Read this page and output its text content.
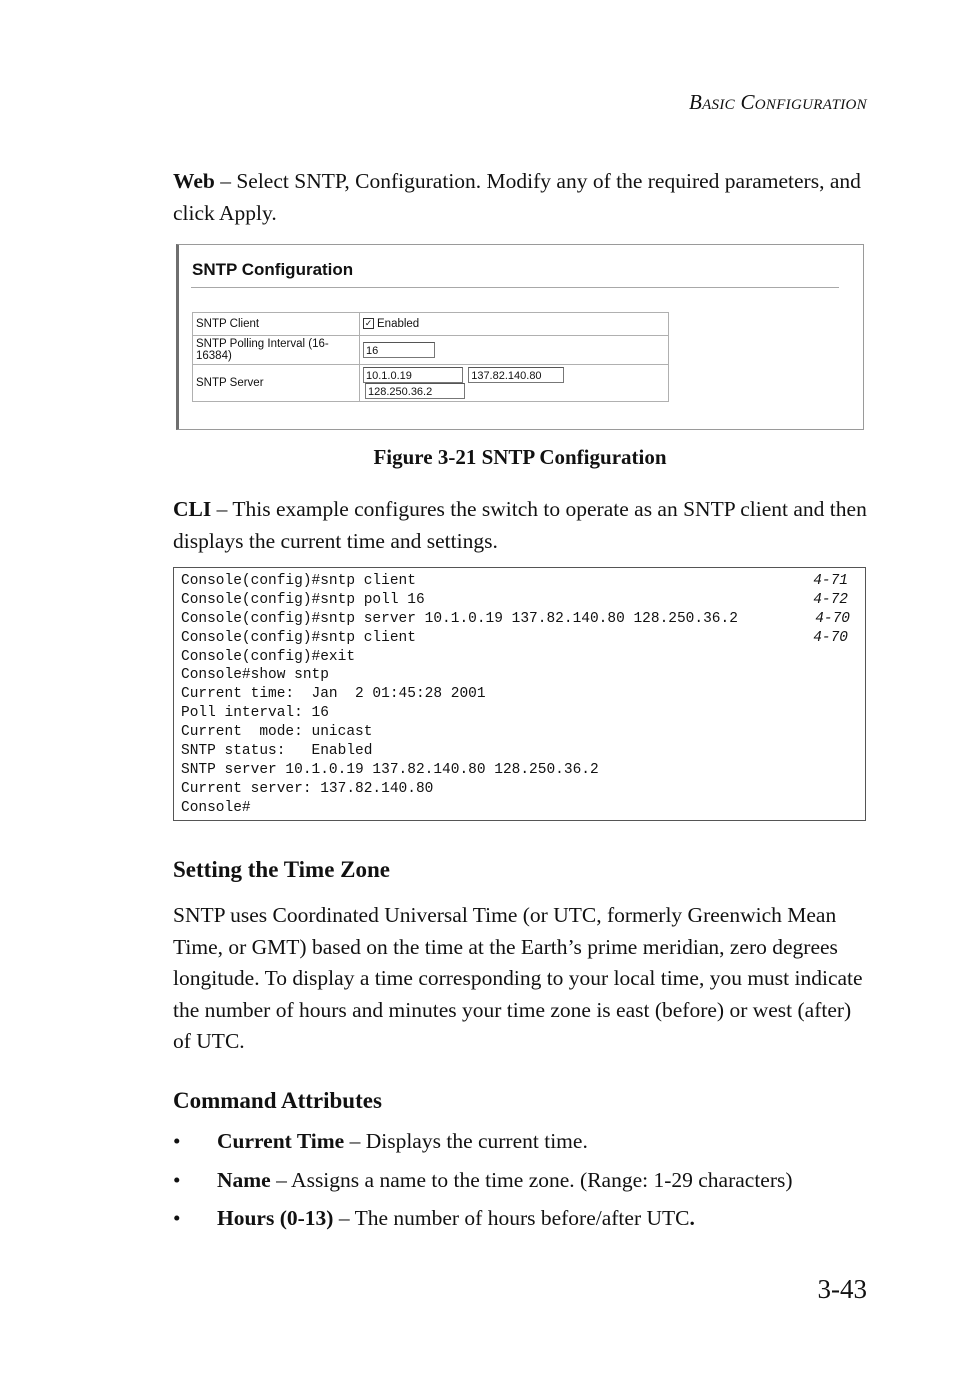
Basic Configuration
Web – Select SNTP, Configuration. Modify any of the required parameters, and click Apply.
SNTP Configuration
SNTP Client	✓ Enabled
SNTP Polling Interval (16-16384)	16
SNTP Server	10.1.0.19 137.82.140.80 128.250.36.2
Figure 3-21 SNTP Configuration
CLI – This example configures the switch to operate as an SNTP client and then displays the current time and settings.
Console(config)#sntp client	4-71
Console(config)#sntp poll 16	4-72
Console(config)#sntp server 10.1.0.19 137.82.140.80 128.250.36.2	4-70
Console(config)#sntp client	4-70
Console(config)#exit
Console#show sntp
Current time:  Jan  2 01:45:28 2001
Poll interval: 16
Current  mode: unicast
SNTP status:   Enabled
SNTP server 10.1.0.19 137.82.140.80 128.250.36.2
Current server: 137.82.140.80
Console#
Setting the Time Zone
SNTP uses Coordinated Universal Time (or UTC, formerly Greenwich Mean Time, or GMT) based on the time at the Earth’s prime meridian, zero degrees longitude. To display a time corresponding to your local time, you must indicate the number of hours and minutes your time zone is east (before) or west (after) of UTC.
Command Attributes
• Current Time – Displays the current time.
• Name – Assigns a name to the time zone. (Range: 1-29 characters)
• Hours (0-13) – The number of hours before/after UTC.
3-43
